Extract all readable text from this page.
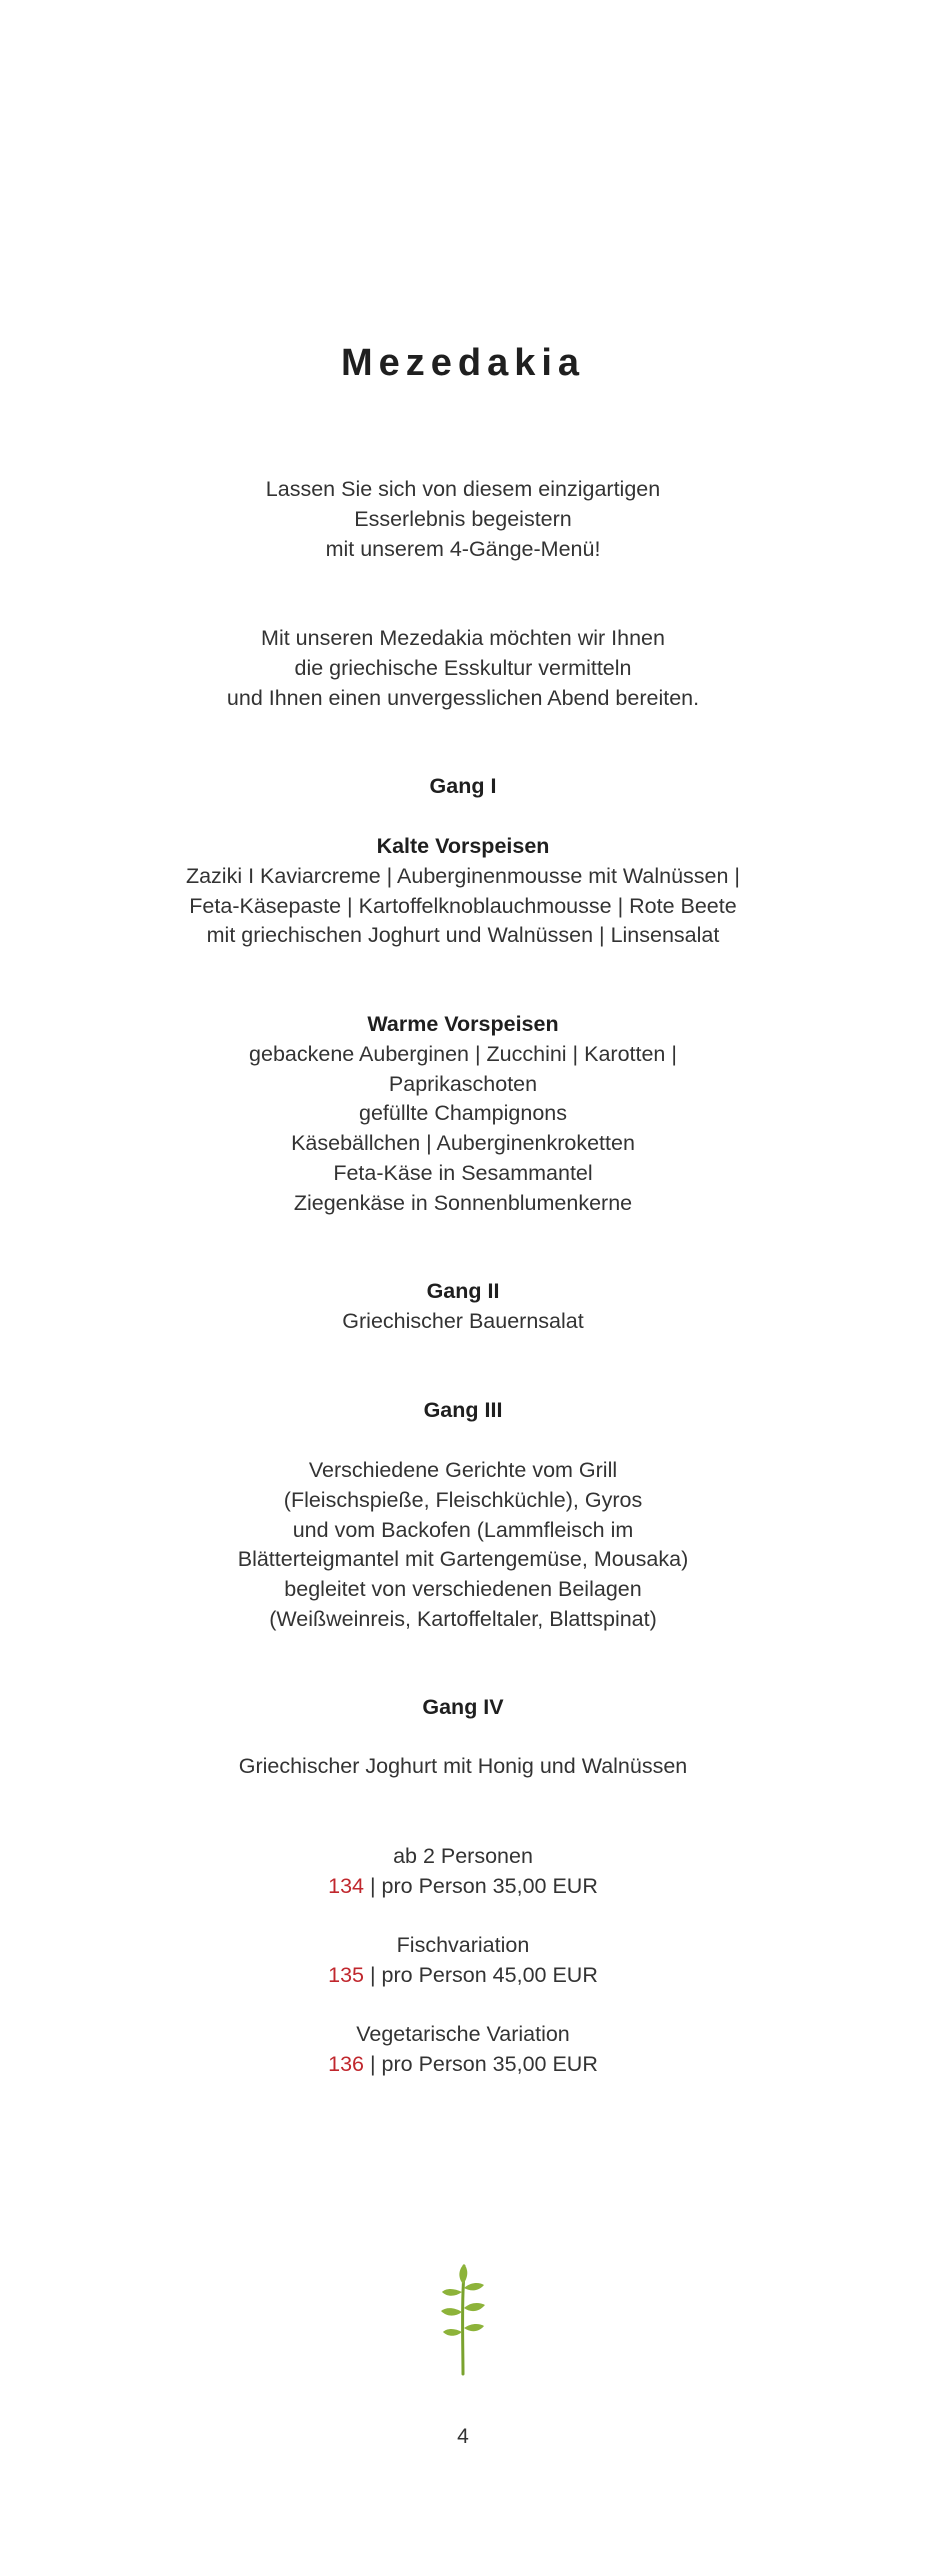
Mezedakia
Lassen Sie sich von diesem einzigartigen
Esserlebnis begeistern
mit unserem 4-Gänge-Menü!
Mit unseren Mezedakia möchten wir Ihnen
die griechische Esskultur vermitteln
und Ihnen einen unvergesslichen Abend bereiten.
Gang I
Kalte Vorspeisen
Zaziki I Kaviarcreme | Auberginenmousse mit Walnüssen |
Feta-Käsepaste | Kartoffelknoblauchmousse | Rote Beete
mit griechischen Joghurt und Walnüssen | Linsensalat
Warme Vorspeisen
gebackene Auberginen | Zucchini | Karotten |
Paprikaschoten
gefüllte Champignons
Käsebällchen | Auberginenkroketten
Feta-Käse in Sesammantel
Ziegenkäse in Sonnenblumenkerne
Gang II
Griechischer Bauernsalat
Gang III
Verschiedene Gerichte vom Grill
(Fleischspieße, Fleischküchle), Gyros
und vom Backofen (Lammfleisch im
Blätterteigmantel mit Gartengemüse, Mousaka)
begleitet von verschiedenen Beilagen
(Weißweinreis, Kartoffeltaler, Blattspinat)
Gang IV
Griechischer Joghurt mit Honig und Walnüssen
ab 2 Personen
134 | pro Person 35,00 EUR
Fischvariation
135 | pro Person 45,00 EUR
Vegetarische Variation
136 | pro Person 35,00 EUR
4
